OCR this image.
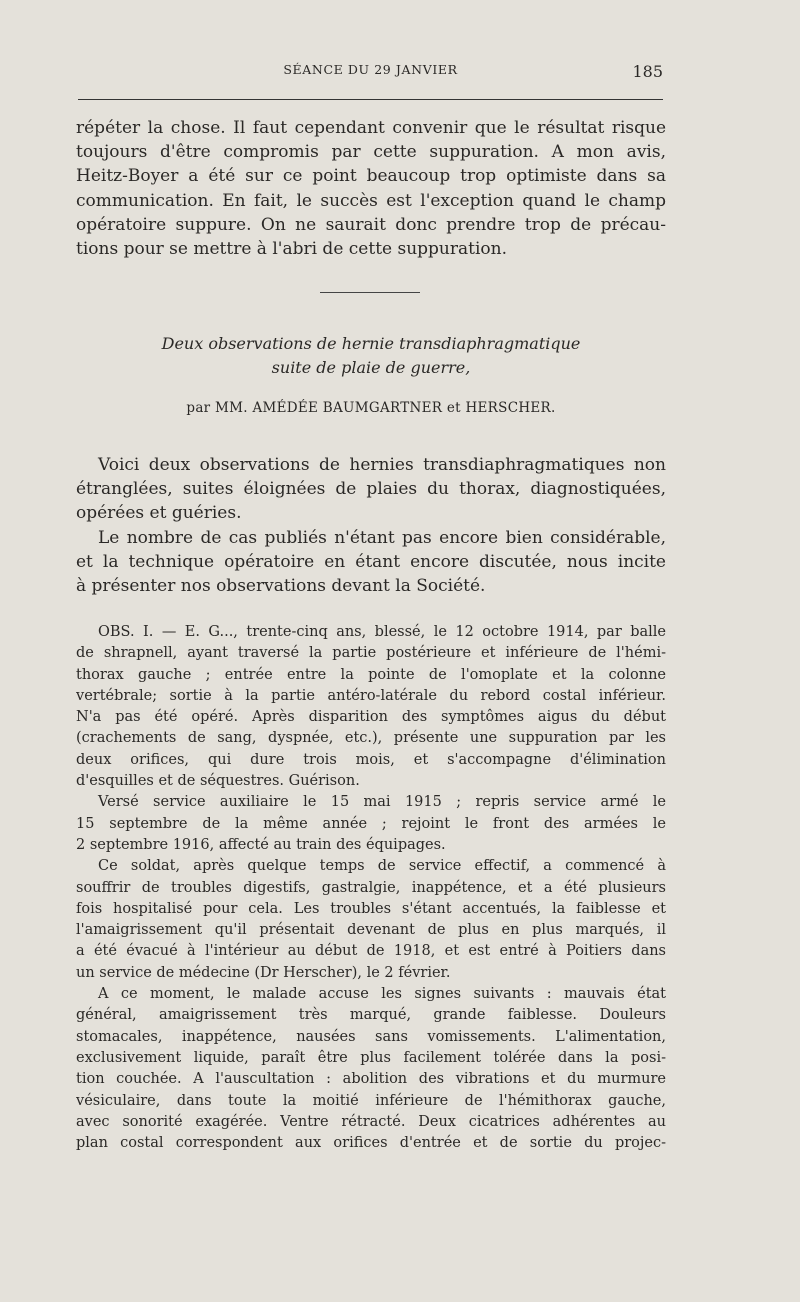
SÉANCE DU 29 JANVIER	185
répéter la chose. Il faut cependant convenir que le résultat risque
toujours d'être compromis par cette suppuration. A mon avis,
Heitz-Boyer a été sur ce point beaucoup trop optimiste dans sa
communication. En fait, le succès est l'exception quand le champ
opératoire suppure. On ne saurait donc prendre trop de précau-
tions pour se mettre à l'abri de cette suppuration.
Deux observations de hernie transdiaphragmatique
suite de plaie de guerre,
par MM. AMÉDÉE BAUMGARTNER et HERSCHER.
Voici deux observations de hernies transdiaphragmatiques non
étranglées, suites éloignées de plaies du thorax, diagnostiquées,
opérées et guéries.
Le nombre de cas publiés n'étant pas encore bien considérable,
et la technique opératoire en étant encore discutée, nous incite
à présenter nos observations devant la Société.
OBS. I. — E. G..., trente-cinq ans, blessé, le 12 octobre 1914, par balle
de shrapnell, ayant traversé la partie postérieure et inférieure de l'hémi-
thorax gauche ; entrée entre la pointe de l'omoplate et la colonne
vertébrale; sortie à la partie antéro-latérale du rebord costal inférieur.
N'a pas été opéré. Après disparition des symptômes aigus du début
(crachements de sang, dyspnée, etc.), présente une suppuration par les
deux orifices, qui dure trois mois, et s'accompagne d'élimination
d'esquilles et de séquestres. Guérison.
Versé service auxiliaire le 15 mai 1915 ; repris service armé le
15 septembre de la même année ; rejoint le front des armées le
2 septembre 1916, affecté au train des équipages.
Ce soldat, après quelque temps de service effectif, a commencé à
souffrir de troubles digestifs, gastralgie, inappétence, et a été plusieurs
fois hospitalisé pour cela. Les troubles s'étant accentués, la faiblesse et
l'amaigrissement qu'il présentait devenant de plus en plus marqués, il
a été évacué à l'intérieur au début de 1918, et est entré à Poitiers dans
un service de médecine (Dr Herscher), le 2 février.
A ce moment, le malade accuse les signes suivants : mauvais état
général, amaigrissement très marqué, grande faiblesse. Douleurs
stomacales, inappétence, nausées sans vomissements. L'alimentation,
exclusivement liquide, paraît être plus facilement tolérée dans la posi-
tion couchée. A l'auscultation : abolition des vibrations et du murmure
vésiculaire, dans toute la moitié inférieure de l'hémithorax gauche,
avec sonorité exagérée. Ventre rétracté. Deux cicatrices adhérentes au
plan costal correspondent aux orifices d'entrée et de sortie du projec-
